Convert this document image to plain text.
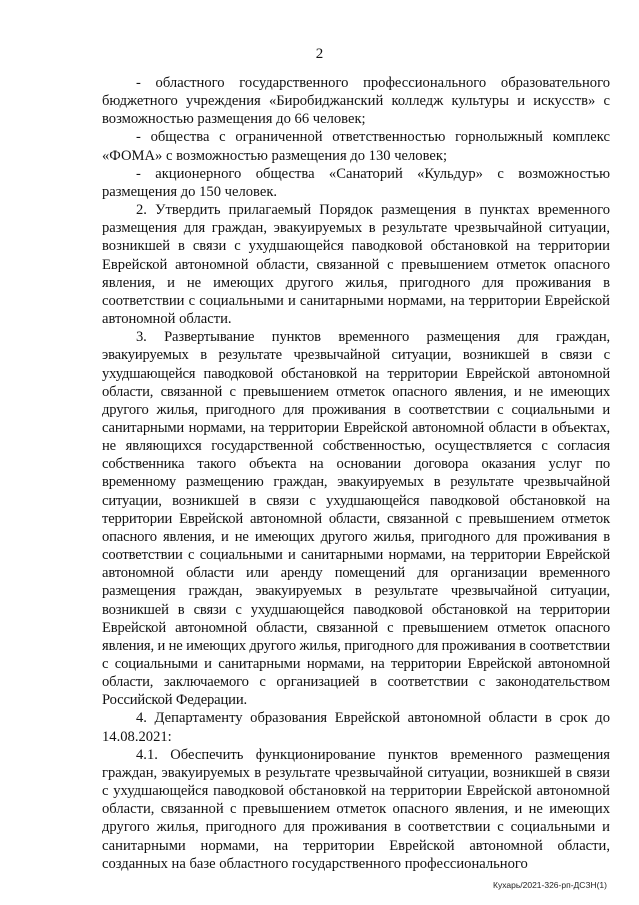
2

- областного государственного профессионального образовательного бюджетного учреждения «Биробиджанский колледж культуры и искусств» с возможностью размещения до 66 человек;

- общества с ограниченной ответственностью горнолыжный комплекс «ФОМА» с возможностью размещения до 130 человек;

- акционерного общества «Санаторий «Кульдур» с возможностью размещения до 150 человек.

2. Утвердить прилагаемый Порядок размещения в пунктах временного размещения для граждан, эвакуируемых в результате чрезвычайной ситуации, возникшей в связи с ухудшающейся паводковой обстановкой на территории Еврейской автономной области, связанной с превышением отметок опасного явления, и не имеющих другого жилья, пригодного для проживания в соответствии с социальными и санитарными нормами, на территории Еврейской автономной области.

3. Развертывание пунктов временного размещения для граждан, эвакуируемых в результате чрезвычайной ситуации, возникшей в связи с ухудшающейся паводковой обстановкой на территории Еврейской автономной области, связанной с превышением отметок опасного явления, и не имеющих другого жилья, пригодного для проживания в соответствии с социальными и санитарными нормами, на территории Еврейской автономной области в объектах, не являющихся государственной собственностью, осуществляется с согласия собственника такого объекта на основании договора оказания услуг по временному размещению граждан, эвакуируемых в результате чрезвычайной ситуации, возникшей в связи с ухудшающейся паводковой обстановкой на территории Еврейской автономной области, связанной с превышением отметок опасного явления, и не имеющих другого жилья, пригодного для проживания в соответствии с социальными и санитарными нормами, на территории Еврейской автономной области или аренду помещений для организации временного размещения граждан, эвакуируемых в результате чрезвычайной ситуации, возникшей в связи с ухудшающейся паводковой обстановкой на территории Еврейской автономной области, связанной с превышением отметок опасного явления, и не имеющих другого жилья, пригодного для проживания в соответствии с социальными и санитарными нормами, на территории Еврейской автономной области, заключаемого с организацией в соответствии с законодательством Российской Федерации.

4. Департаменту образования Еврейской автономной области в срок до 14.08.2021:

4.1. Обеспечить функционирование пунктов временного размещения граждан, эвакуируемых в результате чрезвычайной ситуации, возникшей в связи с ухудшающейся паводковой обстановкой на территории Еврейской автономной области, связанной с превышением отметок опасного явления, и не имеющих другого жилья, пригодного для проживания в соответствии с социальными и санитарными нормами, на территории Еврейской автономной области, созданных на базе областного государственного профессионального

Кухарь/2021-326-рп-ДСЗН(1)
